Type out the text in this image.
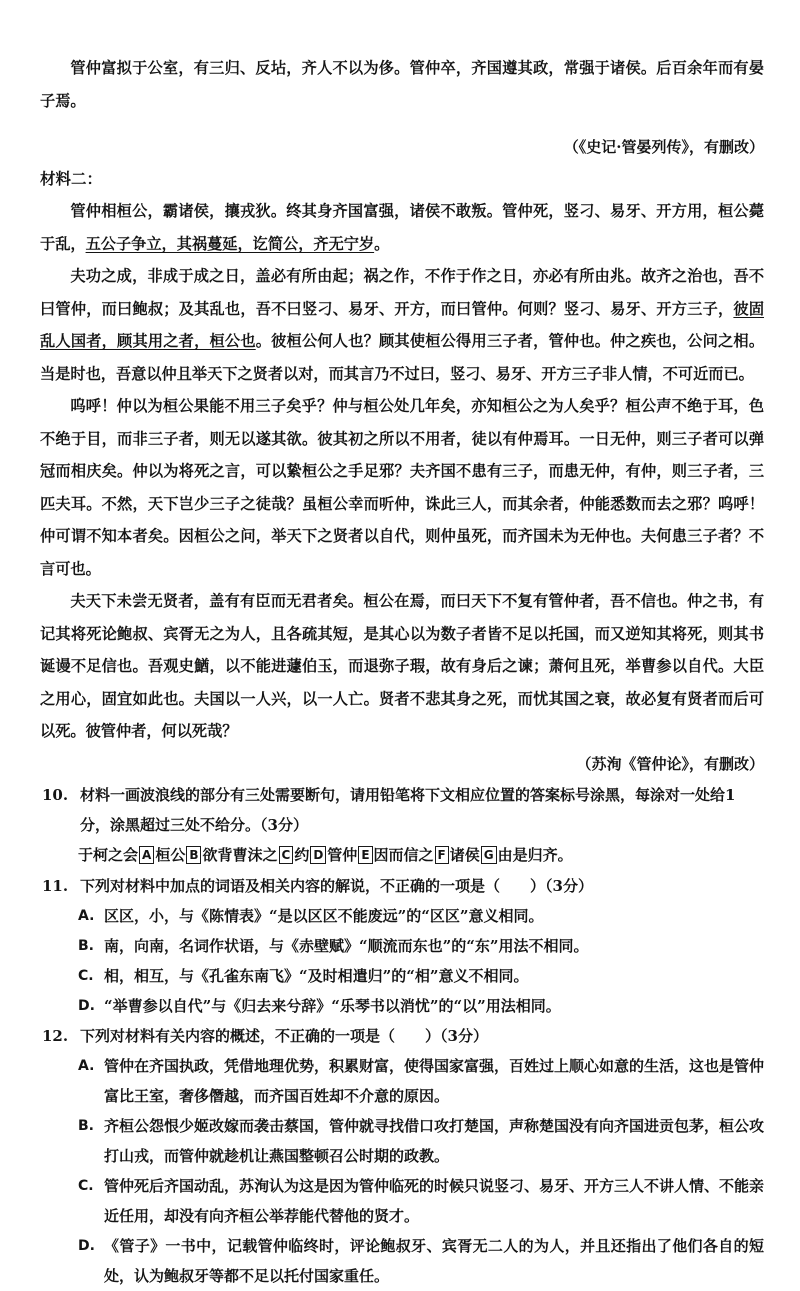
管仲富拟于公室，有三归、反坫，齐人不以为侈。管仲卒，齐国遵其政，常强于诸侯。后百余年而有晏子焉。

（《史记·管晏列传》，有删改）

材料二：

管仲相桓公，霸诸侯，攘戎狄。终其身齐国富强，诸侯不敢叛。管仲死，竖刁、易牙、开方用，桓公薨于乱，五公子争立，其祸蔓延，讫简公，齐无宁岁。

夫功之成，非成于成之日，盖必有所由起；祸之作，不作于作之日，亦必有所由兆。故齐之治也，吾不曰管仲，而曰鲍叔；及其乱也，吾不曰竖刁、易牙、开方，而曰管仲。何则？竖刁、易牙、开方三子，彼固乱人国者，顾其用之者，桓公也。彼桓公何人也？顾其使桓公得用三子者，管仲也。仲之疾也，公问之相。当是时也，吾意以仲且举天下之贤者以对，而其言乃不过曰，竖刁、易牙、开方三子非人情，不可近而已。

呜呼！仲以为桓公果能不用三子矣乎？仲与桓公处几年矣，亦知桓公之为人矣乎？桓公声不绝于耳，色不绝于目，而非三子者，则无以遂其欲。彼其初之所以不用者，徒以有仲焉耳。一日无仲，则三子者可以弹冠而相庆矣。仲以为将死之言，可以絷桓公之手足邪？夫齐国不患有三子，而患无仲，有仲，则三子者，三匹夫耳。不然，天下岂少三子之徒哉？虽桓公幸而听仲，诛此三人，而其余者，仲能悉数而去之邪？呜呼！仲可谓不知本者矣。因桓公之问，举天下之贤者以自代，则仲虽死，而齐国未为无仲也。夫何患三子者？不言可也。

夫天下未尝无贤者，盖有有臣而无君者矣。桓公在焉，而曰天下不复有管仲者，吾不信也。仲之书，有记其将死论鲍叔、宾胥无之为人，且各疏其短，是其心以为数子者皆不足以托国，而又逆知其将死，则其书诞谩不足信也。吾观史鰌，以不能进蘧伯玉，而退弥子瑕，故有身后之谏；萧何且死，举曹参以自代。大臣之用心，固宜如此也。夫国以一人兴，以一人亡。贤者不悲其身之死，而忧其国之衰，故必复有贤者而后可以死。彼管仲者，何以死哉？

（苏洵《管仲论》，有删改）

10. 材料一画波浪线的部分有三处需要断句，请用铅笔将下文相应位置的答案标号涂黑，每涂对一处给1分，涂黑超过三处不给分。（3分）
于柯之会 A 桓公 B 欲背曹沫之 C 约 D 管仲 E 因而信之 F 诸侯 G 由是归齐。
11. 下列对材料中加点的词语及相关内容的解说，不正确的一项是（　　）（3分）
A. 区区，小，与《陈情表》“是以区区不能废远”的“区区”意义相同。
B. 南，向南，名词作状语，与《赤壁赋》“顺流而东也”的“东”用法不相同。
C. 相，相互，与《孔雀东南飞》“及时相遣归”的“相”意义不相同。
D. “举曹参以自代”与《归去来兮辞》“乐琴书以消忧”的“以”用法相同。
12. 下列对材料有关内容的概述，不正确的一项是（　　）（3分）
A. 管仲在齐国执政，凭借地理优势，积累财富，使得国家富强，百姓过上顺心如意的生活，这也是管仲富比王室，奢侈僭越，而齐国百姓却不介意的原因。
B. 齐桓公怨恨少姬改嫁而袭击蔡国，管仲就寻找借口攻打楚国，声称楚国没有向齐国进贡包茅，桓公攻打山戎，而管仲就趁机让燕国整顿召公时期的政教。
C. 管仲死后齐国动乱，苏洵认为这是因为管仲临死的时候只说竖刁、易牙、开方三人不讲人情、不能亲近任用，却没有向齐桓公举荐能代替他的贤才。
D. 《管子》一书中，记载管仲临终时，评论鲍叔牙、宾胥无二人的为人，并且还指出了他们各自的短处，认为鲍叔牙等都不足以托付国家重任。
